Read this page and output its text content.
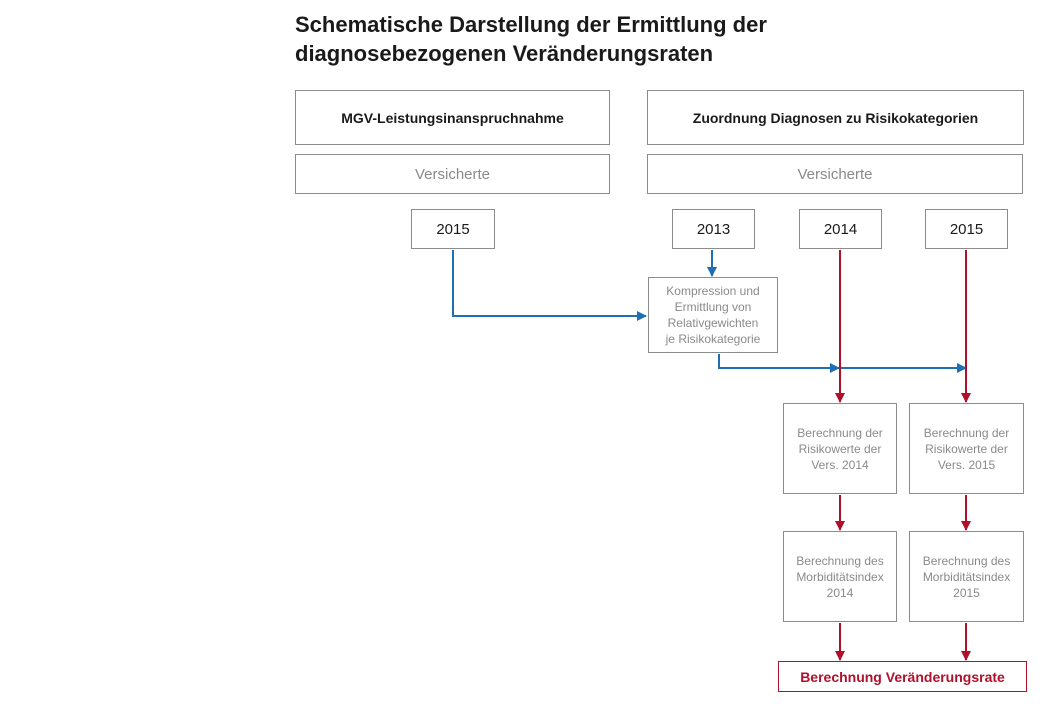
Schematische Darstellung der Ermittlung der
diagnosebezogenen Veränderungsraten
MGV-Leistungsinanspruchnahme	Zuordnung Diagnosen zu Risikokategorien
Versicherte	Versicherte
2015	2013	2014	2015
Kompression und
Ermittlung von
Relativgewichten
je Risikokategorie
Berechnung der
Risikowerte der
Vers. 2014
Berechnung der
Risikowerte der
Vers. 2015
Berechnung des
Morbiditätsindex
2014
Berechnung des
Morbiditätsindex
2015
Berechnung Veränderungsrate
